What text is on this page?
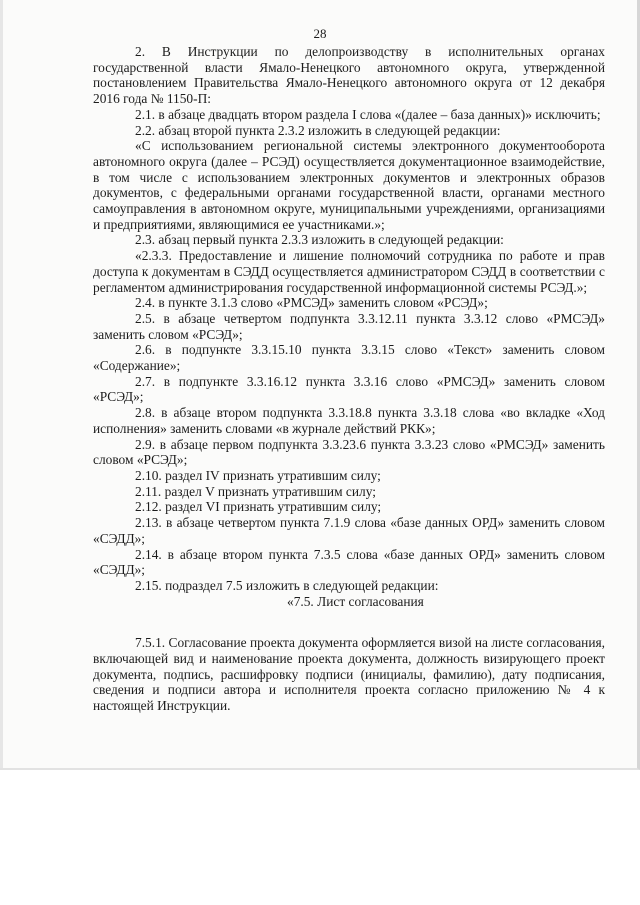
28

2. В Инструкции по делопроизводству в исполнительных органах государственной власти Ямало-Ненецкого автономного округа, утвержденной постановлением Правительства Ямало-Ненецкого автономного округа от 12 декабря 2016 года № 1150-П:

2.1. в абзаце двадцать втором раздела I слова «(далее – база данных)» исключить;

2.2. абзац второй пункта 2.3.2 изложить в следующей редакции:

«С использованием региональной системы электронного документооборота автономного округа (далее – РСЭД) осуществляется документационное взаимодействие, в том числе с использованием электронных документов и электронных образов документов, с федеральными органами государственной власти, органами местного самоуправления в автономном округе, муниципальными учреждениями, организациями и предприятиями, являющимися ее участниками.»;

2.3. абзац первый пункта 2.3.3 изложить в следующей редакции:

«2.3.3. Предоставление и лишение полномочий сотрудника по работе и прав доступа к документам в СЭДД осуществляется администратором СЭДД в соответствии с регламентом администрирования государственной информационной системы РСЭД.»;

2.4. в пункте 3.1.3 слово «РМСЭД» заменить словом «РСЭД»;

2.5. в абзаце четвертом подпункта 3.3.12.11 пункта 3.3.12 слово «РМСЭД» заменить словом «РСЭД»;

2.6. в подпункте 3.3.15.10 пункта 3.3.15 слово «Текст» заменить словом «Содержание»;

2.7. в подпункте 3.3.16.12 пункта 3.3.16 слово «РМСЭД» заменить словом «РСЭД»;

2.8. в абзаце втором подпункта 3.3.18.8 пункта 3.3.18 слова «во вкладке «Ход исполнения» заменить словами «в журнале действий РКК»;

2.9. в абзаце первом подпункта 3.3.23.6 пункта 3.3.23 слово «РМСЭД» заменить словом «РСЭД»;

2.10. раздел IV признать утратившим силу;

2.11. раздел V признать утратившим силу;

2.12. раздел VI признать утратившим силу;

2.13. в абзаце четвертом пункта 7.1.9 слова «базе данных ОРД» заменить словом «СЭДД»;

2.14. в абзаце втором пункта 7.3.5 слова «базе данных ОРД» заменить словом «СЭДД»;

2.15. подраздел 7.5 изложить в следующей редакции:

«7.5. Лист согласования

7.5.1. Согласование проекта документа оформляется визой на листе согласования, включающей вид и наименование проекта документа, должность визирующего проект документа, подпись, расшифровку подписи (инициалы, фамилию), дату подписания, сведения и подписи автора и исполнителя проекта согласно приложению № 4 к настоящей Инструкции.
